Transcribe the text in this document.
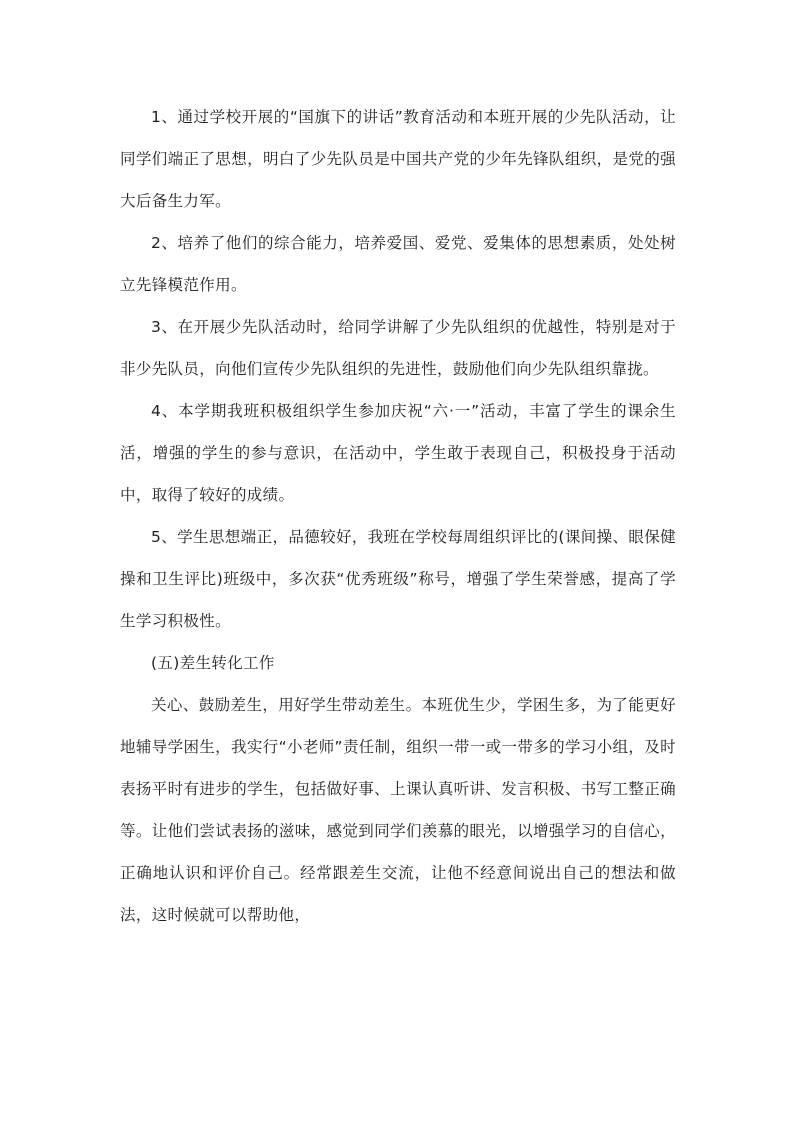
1、通过学校开展的“国旗下的讲话”教育活动和本班开展的少先队活动，让同学们端正了思想，明白了少先队员是中国共产党的少年先锋队组织，是党的强大后备生力军。

2、培养了他们的综合能力，培养爱国、爱党、爱集体的思想素质，处处树立先锋模范作用。

3、在开展少先队活动时，给同学讲解了少先队组织的优越性，特别是对于非少先队员，向他们宣传少先队组织的先进性，鼓励他们向少先队组织靠拢。

4、本学期我班积极组织学生参加庆祝“六·一”活动，丰富了学生的课余生活，增强的学生的参与意识，在活动中，学生敢于表现自己，积极投身于活动中，取得了较好的成绩。

5、学生思想端正，品德较好，我班在学校每周组织评比的(课间操、眼保健操和卫生评比)班级中，多次获“优秀班级”称号，增强了学生荣誉感，提高了学生学习积极性。

(五)差生转化工作

关心、鼓励差生，用好学生带动差生。本班优生少，学困生多，为了能更好地辅导学困生，我实行“小老师”责任制，组织一带一或一带多的学习小组，及时表扬平时有进步的学生，包括做好事、上课认真听讲、发言积极、书写工整正确等。让他们尝试表扬的滋味，感觉到同学们羡慕的眼光，以增强学习的自信心，正确地认识和评价自己。经常跟差生交流，让他不经意间说出自己的想法和做法，这时候就可以帮助他，
